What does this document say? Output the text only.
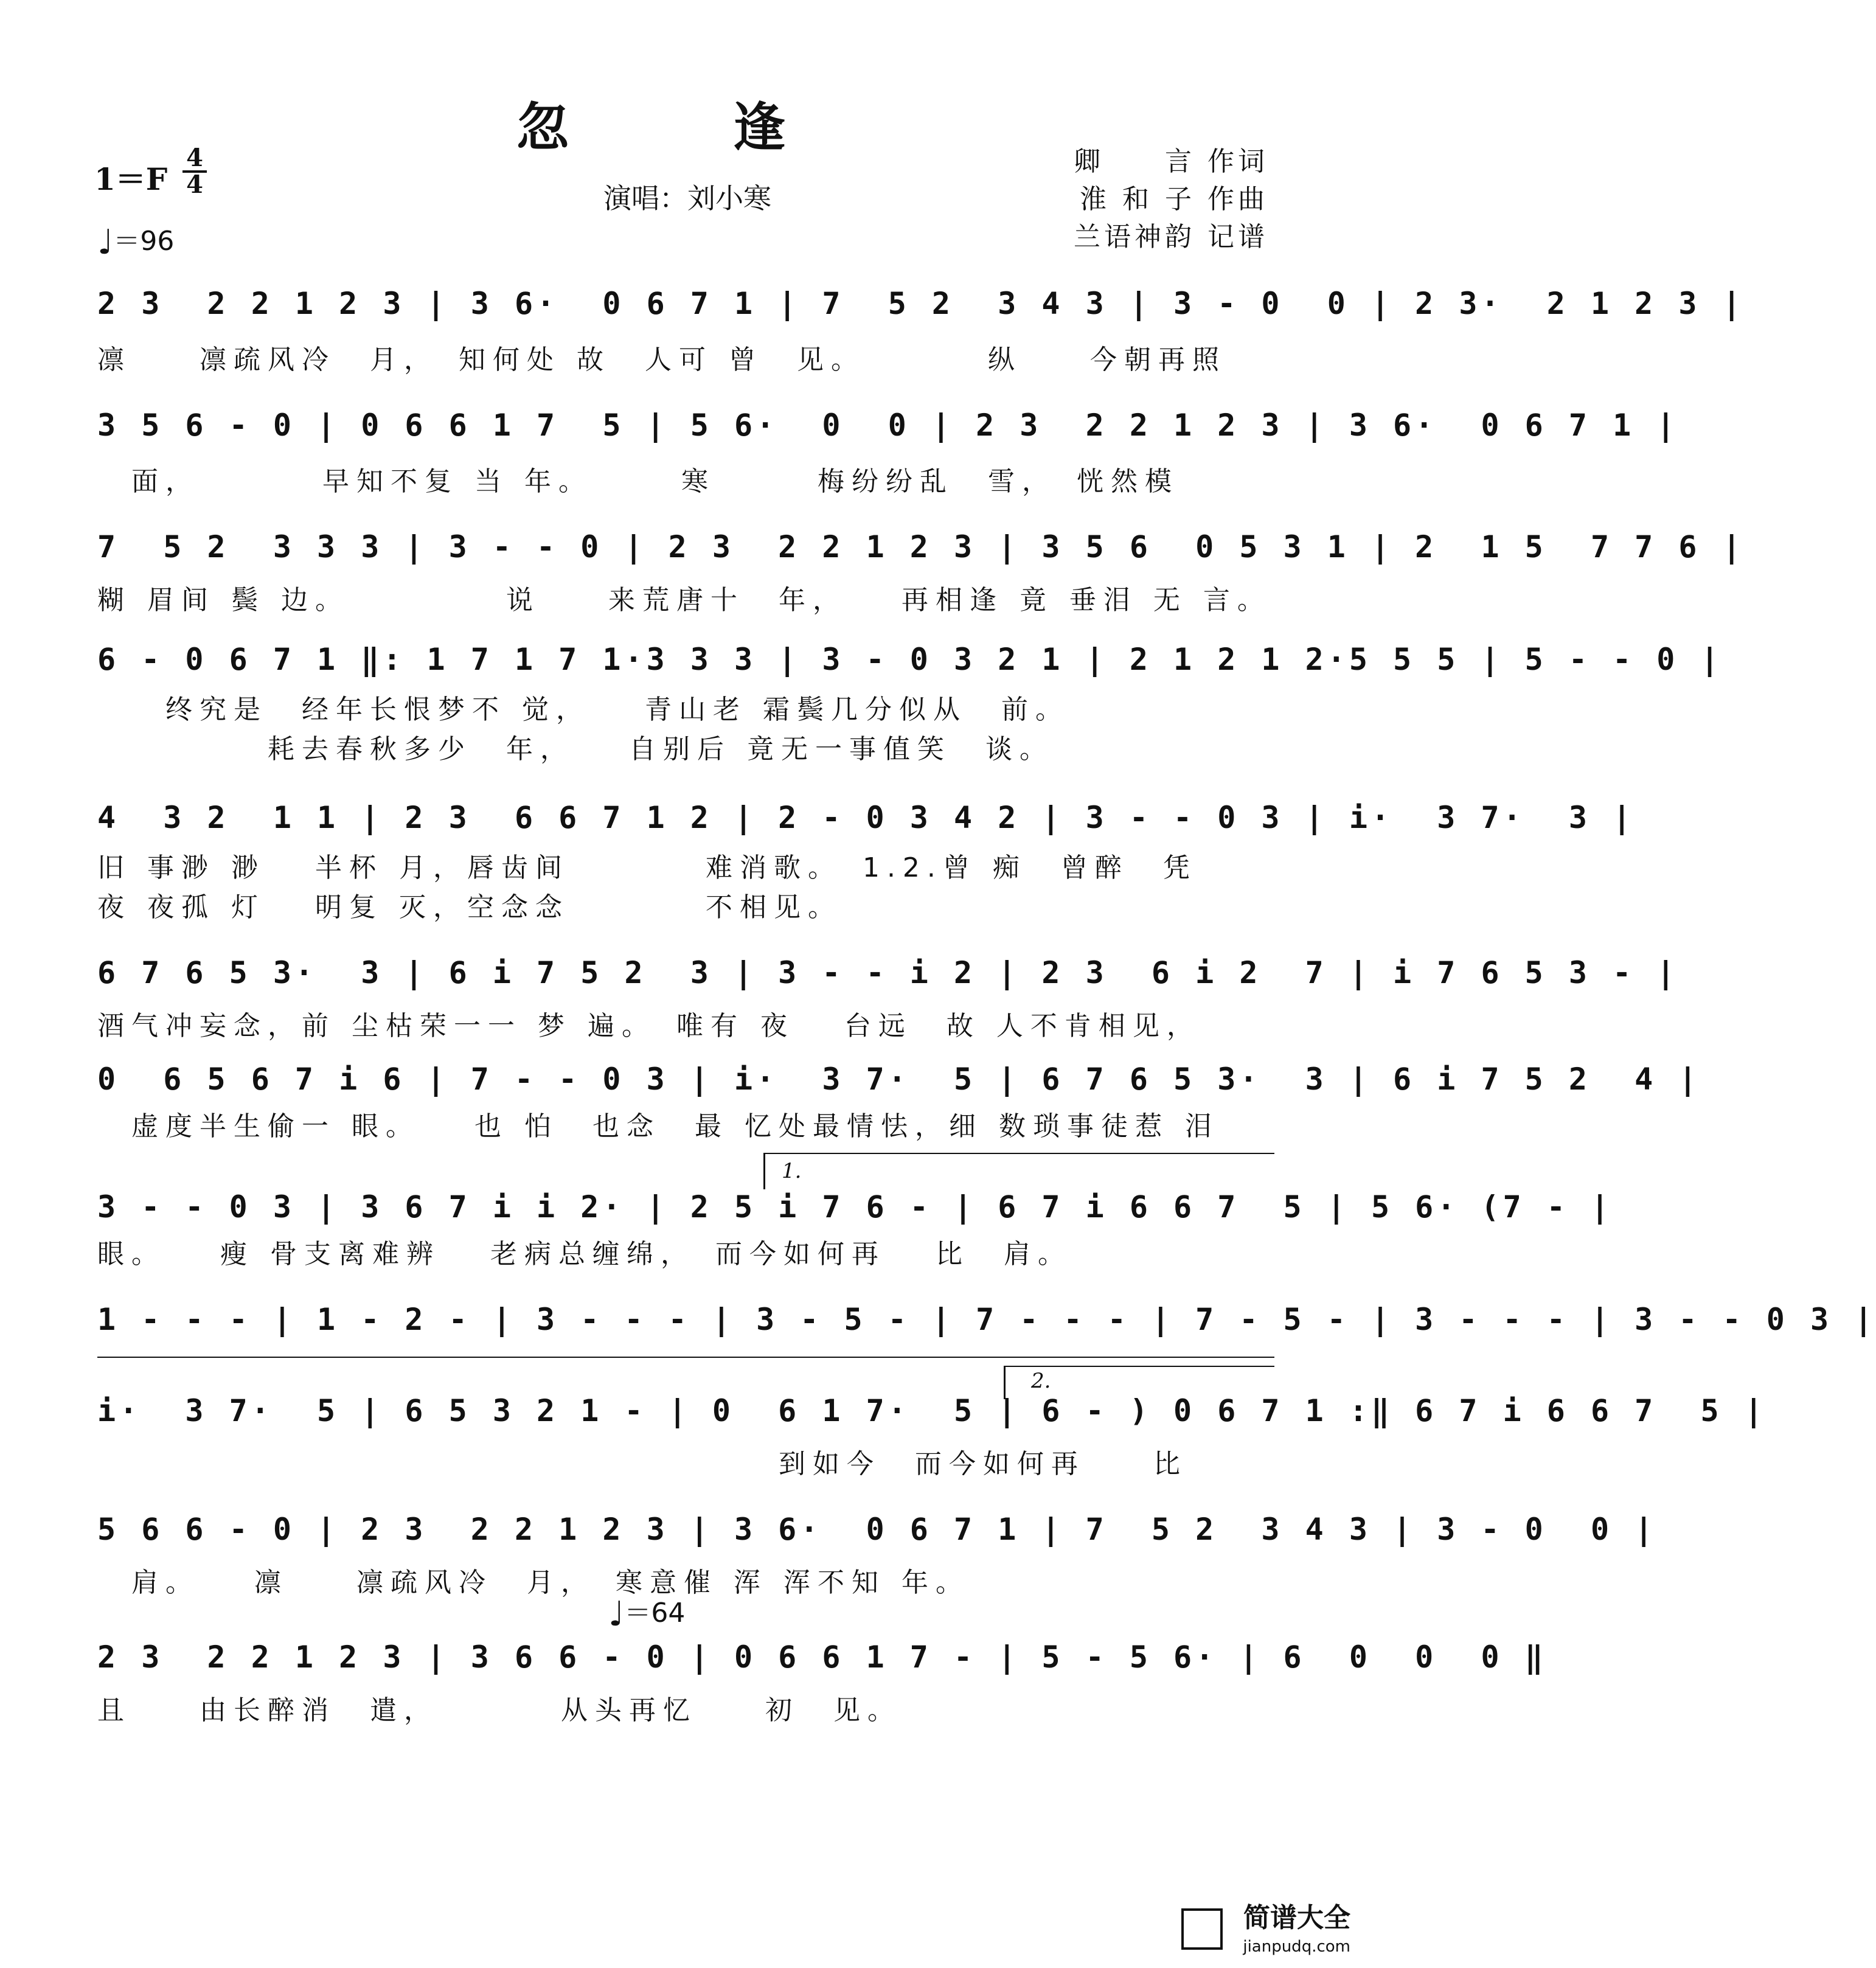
忽 逢
演唱：刘小寒
1＝F
4
4
♩＝96
卿　　言 作词
淮 和 子 作曲
兰语神韵 记谱
2 3  2 2 1 2 3 | 3 6·  0 6 7 1 | 7  5 2  3 4 3 | 3 - 0  0 | 2 3·  2 1 2 3 |
凛　　凛疏风冷　月，　知何处 故　人可 曾　见。　　　　纵　　今朝再照
3 5 6 - 0 | 0 6 6 1 7  5 | 5 6·  0  0 | 2 3  2 2 1 2 3 | 3 6·  0 6 7 1 |
　面，　　　　早知不复 当 年。　　　寒　　　梅纷纷乱　雪，　恍然模
7  5 2  3 3 3 | 3 - - 0 | 2 3  2 2 1 2 3 | 3 5 6  0 5 3 1 | 2  1 5  7 7 6 |
糊 眉间 鬓 边。　　　　　说　　来荒唐十　年，　　再相逢 竟 垂泪 无 言。
6 - 0 6 7 1 ‖: 1 7 1 7 1·3 3 3 | 3 - 0 3 2 1 | 2 1 2 1 2·5 5 5 | 5 - - 0 |
　　终究是　经年长恨梦不 觉，　　青山老 霜鬓几分似从　前。
　　　　　耗去春秋多少　年，　　自别后 竟无一事值笑　谈。
4  3 2  1 1 | 2 3  6 6 7 1 2 | 2 - 0 3 4 2 | 3 - - 0 3 | i·  3 7·  3 |
旧 事渺 渺　 半杯 月，唇齿间　　　　难消歌。　1.2.曾 痴　曾醉　凭
夜 夜孤 灯　 明复 灭，空念念　　　　不相见。
6 7 6 5 3·  3 | 6 i 7 5 2  3 | 3 - - i 2 | 2 3  6 i 2  7 | i 7 6 5 3 - |
酒气冲妄念，前 尘枯荣一一 梦 遍。　唯有 夜　 台远　故 人不肯相见，
0  6 5 6 7 i 6 | 7 - - 0 3 | i·  3 7·  5 | 6 7 6 5 3·  3 | 6 i 7 5 2  4 |
　虚度半生偷一 眼。　　也 怕　也念　最 忆处最情怯，细 数琐事徒惹 泪
1.
3 - - 0 3 | 3 6 7 i i 2· | 2 5 i 7 6 - | 6 7 i 6 6 7  5 | 5 6· (7 - |
眼。　　瘦 骨支离难辨　 老病总缠绵，　而今如何再　 比　肩。
1 - - - | 1 - 2 - | 3 - - - | 3 - 5 - | 7 - - - | 7 - 5 - | 3 - - - | 3 - - 0 3 |
2.
i·  3 7·  5 | 6 5 3 2 1 - | 0  6 1 7·  5 | 6 - ) 0 6 7 1 :‖ 6 7 i 6 6 7  5 |
　　　　　　　　　　　　　　　　　　　　到如今　而今如何再　　比
5 6 6 - 0 | 2 3  2 2 1 2 3 | 3 6·  0 6 7 1 | 7  5 2  3 4 3 | 3 - 0  0 |
　肩。　　凛　　凛疏风冷　月，　寒意催 浑 浑不知 年。
♩＝64
2 3  2 2 1 2 3 | 3 6 6 - 0 | 0 6 6 1 7 - | 5 - 5 6· | 6  0  0  0 ‖
且　　由长醉消　遣，　　　　从头再忆　　初　见。
简谱大全
jianpudq.com
